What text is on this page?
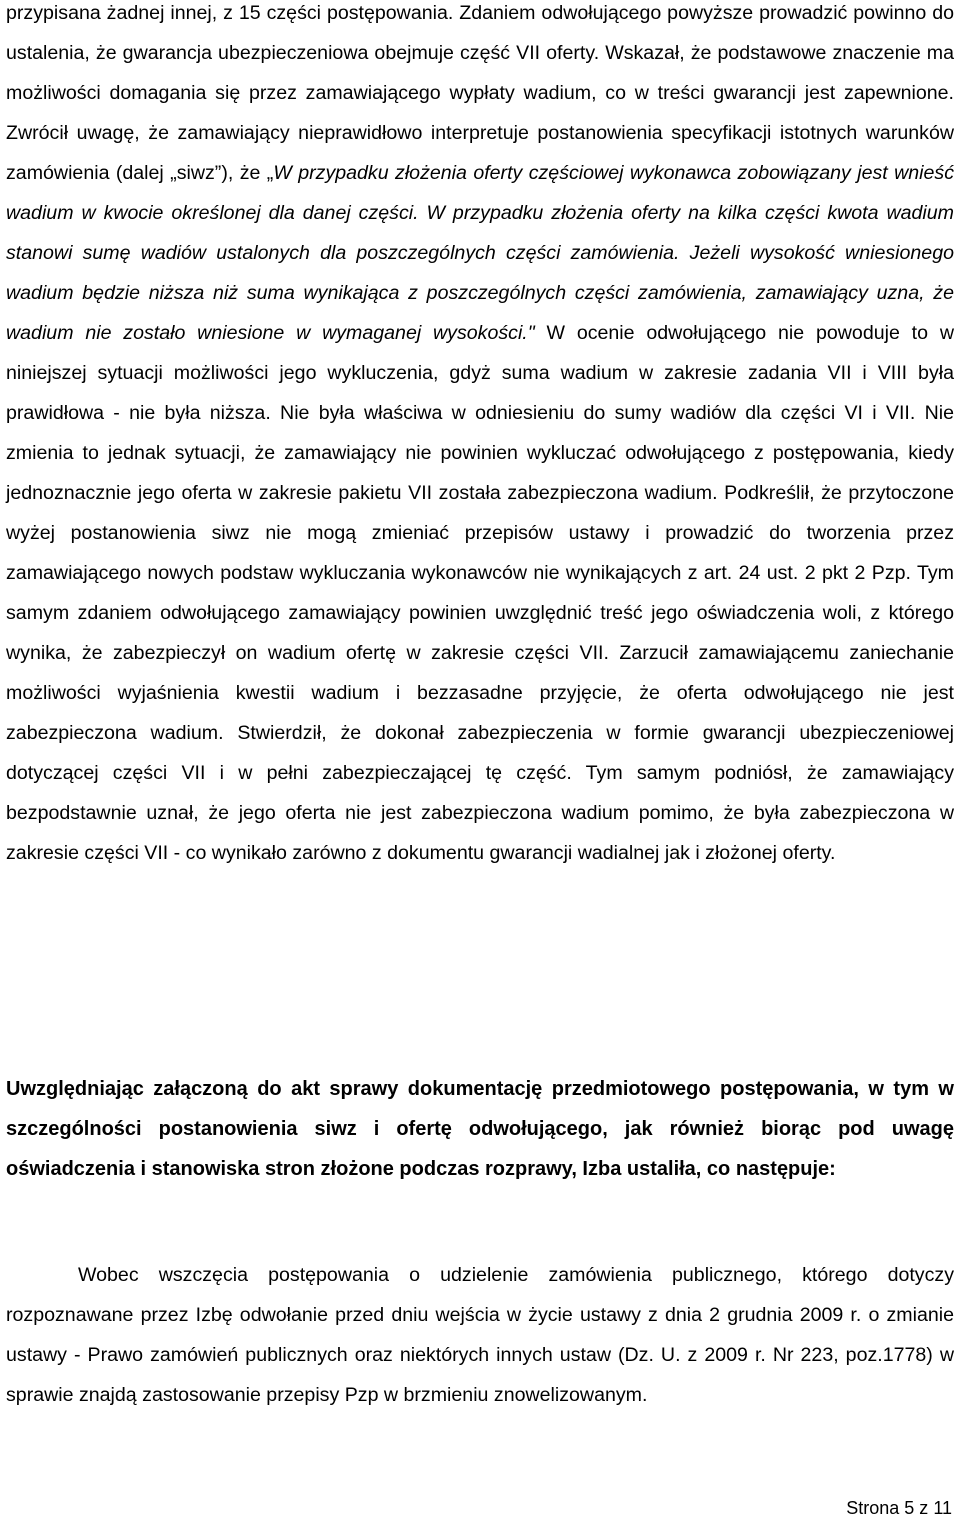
przypisana żadnej innej, z 15 części postępowania. Zdaniem odwołującego powyższe prowadzić powinno do ustalenia, że gwarancja ubezpieczeniowa obejmuje część VII oferty. Wskazał, że podstawowe znaczenie ma możliwości domagania się przez zamawiającego wypłaty wadium, co w treści gwarancji jest zapewnione. Zwrócił uwagę, że zamawiający nieprawidłowo interpretuje postanowienia specyfikacji istotnych warunków zamówienia (dalej „siwz”), że „W przypadku złożenia oferty częściowej wykonawca zobowiązany jest wnieść wadium w kwocie określonej dla danej części. W przypadku złożenia oferty na kilka części kwota wadium stanowi sumę wadiów ustalonych dla poszczególnych części zamówienia. Jeżeli wysokość wniesionego wadium będzie niższa niż suma wynikająca z poszczególnych części zamówienia, zamawiający uzna, że wadium nie zostało wniesione w wymaganej wysokości." W ocenie odwołującego nie powoduje to w niniejszej sytuacji możliwości jego wykluczenia, gdyż suma wadium w zakresie zadania VII i VIII była prawidłowa - nie była niższa. Nie była właściwa w odniesieniu do sumy wadiów dla części VI i VII. Nie zmienia to jednak sytuacji, że zamawiający nie powinien wykluczać odwołującego z postępowania, kiedy jednoznacznie jego oferta w zakresie pakietu VII została zabezpieczona wadium. Podkreślił, że przytoczone wyżej postanowienia siwz nie mogą zmieniać przepisów ustawy i prowadzić do tworzenia przez zamawiającego nowych podstaw wykluczania wykonawców nie wynikających z art. 24 ust. 2 pkt 2 Pzp. Tym samym zdaniem odwołującego zamawiający powinien uwzględnić treść jego oświadczenia woli, z którego wynika, że zabezpieczył on wadium ofertę w zakresie części VII. Zarzucił zamawiającemu zaniechanie możliwości wyjaśnienia kwestii wadium i bezzasadne przyjęcie, że oferta odwołującego nie jest zabezpieczona wadium. Stwierdził, że dokonał zabezpieczenia w formie gwarancji ubezpieczeniowej dotyczącej części VII i w pełni zabezpieczającej tę część. Tym samym podniósł, że zamawiający bezpodstawnie uznał, że jego oferta nie jest zabezpieczona wadium pomimo, że była zabezpieczona w zakresie części VII - co wynikało zarówno z dokumentu gwarancji wadialnej jak i złożonej oferty.

Uwzględniając załączoną do akt sprawy dokumentację przedmiotowego postępowania, w tym w szczególności postanowienia siwz i ofertę odwołującego, jak również biorąc pod uwagę oświadczenia i stanowiska stron złożone podczas rozprawy, Izba ustaliła, co następuje:

Wobec wszczęcia postępowania o udzielenie zamówienia publicznego, którego dotyczy rozpoznawane przez Izbę odwołanie przed dniu wejścia w życie ustawy z dnia 2 grudnia 2009 r. o zmianie ustawy - Prawo zamówień publicznych oraz niektórych innych ustaw (Dz. U. z 2009 r. Nr 223, poz.1778) w sprawie znajdą zastosowanie przepisy Pzp w brzmieniu znowelizowanym.

Strona 5 z 11
